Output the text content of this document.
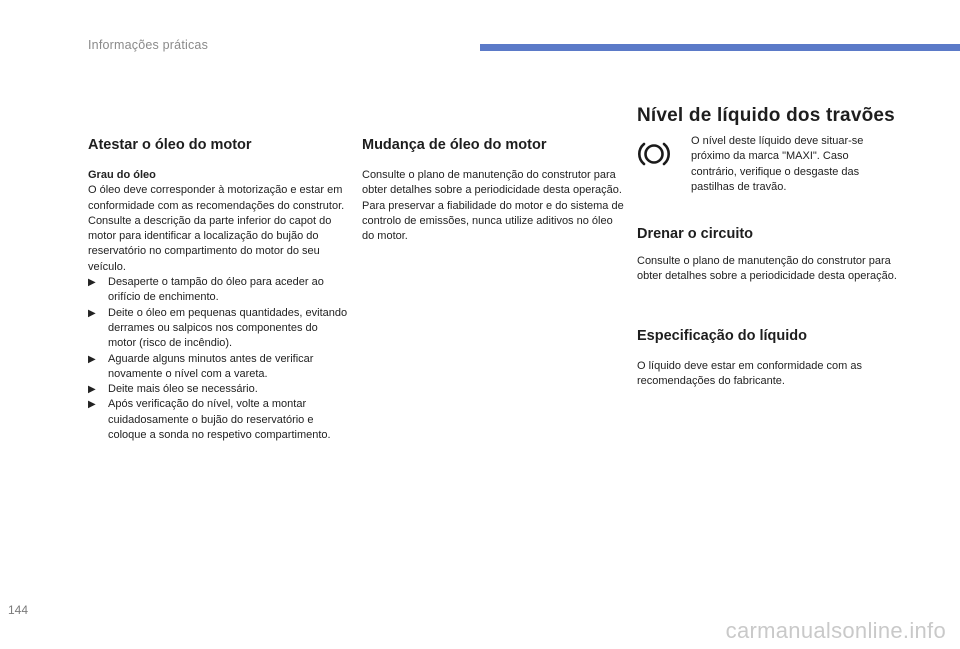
Informações práticas
Atestar o óleo do motor

Grau do óleo

O óleo deve corresponder à motorização e estar em conformidade com as recomendações do construtor.

Consulte a descrição da parte inferior do capot do motor para identificar a localização do bujão do reservatório no compartimento do motor do seu veículo.

▶ Desaperte o tampão do óleo para aceder ao orifício de enchimento.
▶ Deite o óleo em pequenas quantidades, evitando derrames ou salpicos nos componentes do motor (risco de incêndio).
▶ Aguarde alguns minutos antes de verificar novamente o nível com a vareta.
▶ Deite mais óleo se necessário.
▶ Após verificação do nível, volte a montar cuidadosamente o bujão do reservatório e coloque a sonda no respetivo compartimento.
Mudança de óleo do motor

Consulte o plano de manutenção do construtor para obter detalhes sobre a periodicidade desta operação.

Para preservar a fiabilidade do motor e do sistema de controlo de emissões, nunca utilize aditivos no óleo do motor.

Nível de líquido dos travões

O nível deste líquido deve situar-se próximo da marca "MAXI". Caso contrário, verifique o desgaste das pastilhas de travão.

Drenar o circuito

Consulte o plano de manutenção do construtor para obter detalhes sobre a periodicidade desta operação.

Especificação do líquido

O líquido deve estar em conformidade com as recomendações do fabricante.

144
carmanualsonline.info
